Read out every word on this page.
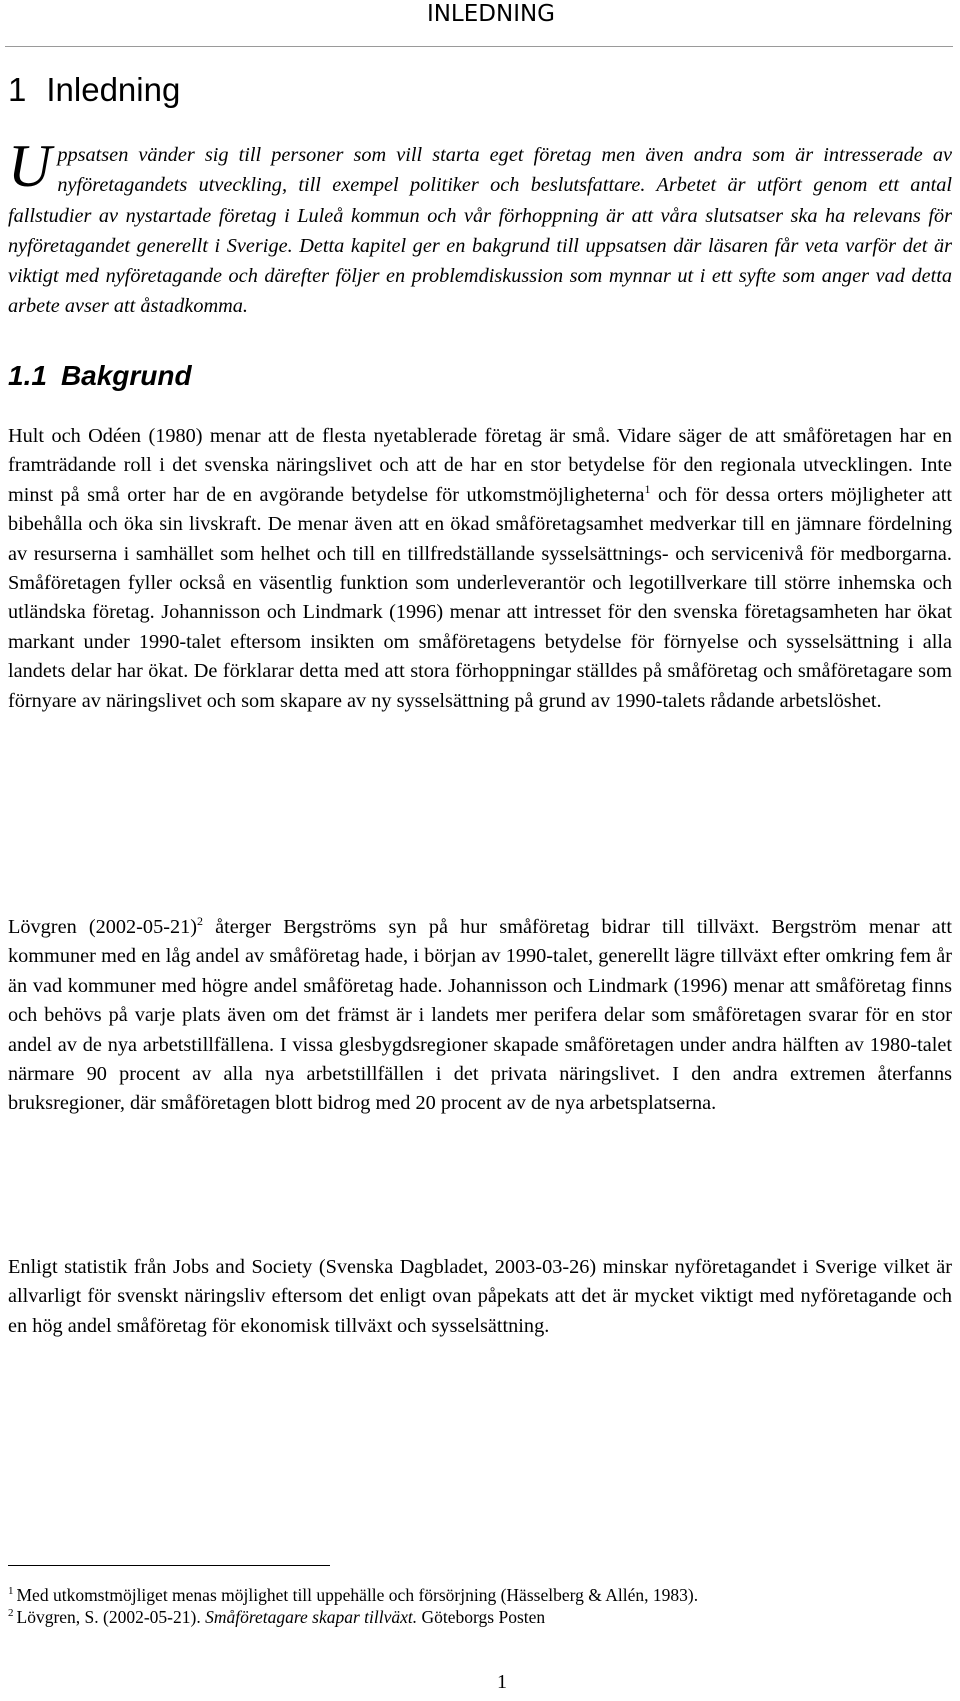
INLEDNING

1 Inledning

Uppsatsen vänder sig till personer som vill starta eget företag men även andra som är intresserade av nyföretagandets utveckling, till exempel politiker och beslutsfattare. Arbetet är utfört genom ett antal fallstudier av nystartade företag i Luleå kommun och vår förhoppning är att våra slutsatser ska ha relevans för nyföretagandet generellt i Sverige. Detta kapitel ger en bakgrund till uppsatsen där läsaren får veta varför det är viktigt med nyföretagande och därefter följer en problemdiskussion som mynnar ut i ett syfte som anger vad detta arbete avser att åstadkomma.

1.1 Bakgrund

Hult och Odéen (1980) menar att de flesta nyetablerade företag är små. Vidare säger de att småföretagen har en framträdande roll i det svenska näringslivet och att de har en stor betydelse för den regionala utvecklingen. Inte minst på små orter har de en avgörande betydelse för utkomstmöjligheterna$^1$ och för dessa orters möjligheter att bibehålla och öka sin livskraft. De menar även att en ökad småföretagsamhet medverkar till en jämnare fördelning av resurserna i samhället som helhet och till en tillfredställande sysselsättnings- och servicenivå för medborgarna. Småföretagen fyller också en väsentlig funktion som underleverantör och legotillverkare till större inhemska och utländska företag. Johannisson och Lindmark (1996) menar att intresset för den svenska företagsamheten har ökat markant under 1990-talet eftersom insikten om småföretagens betydelse för förnyelse och sysselsättning i alla landets delar har ökat. De förklarar detta med att stora förhoppningar ställdes på småföretag och småföretagare som förnyare av näringslivet och som skapare av ny sysselsättning på grund av 1990-talets rådande arbetslöshet.

Lövgren $(2002-05-21)^2$ återger Bergströms syn på hur småföretag bidrar till tillväxt. Bergström menar att kommuner med en låg andel av småföretag hade, i början av 1990-talet, generellt lägre tillväxt efter omkring fem år än vad kommuner med högre andel småföretag hade. Johannisson och Lindmark (1996) menar att småföretag finns och behövs på varje plats även om det främst är i landets mer perifera delar som småföretagen svarar för en stor andel av de nya arbetstillfällena. I vissa glesbygdsregioner skapade småföretagen under andra hälften av 1980-talet närmare 90 procent av alla nya arbetstillfällen i det privata näringslivet. I den andra extremen återfanns bruksregioner, där småföretagen blott bidrog med 20 procent av de nya arbetsplatserna.

Enligt statistik från Jobs and Society (Svenska Dagbladet, 2003-03-26) minskar nyföretagandet i Sverige vilket är allvarligt för svenskt näringsliv eftersom det enligt ovan påpekats att det är mycket viktigt med nyföretagande och en hög andel småföretag för ekonomisk tillväxt och sysselsättning.

$^1$ Med utkomstmöjliget menas möjlighet till uppehälle och försörjning (Hässelberg & Allén, 1983).

$^2$ Lövgren, S. (2002-05-21). Småföretagare skapar tillväxt. Göteborgs Posten

1
